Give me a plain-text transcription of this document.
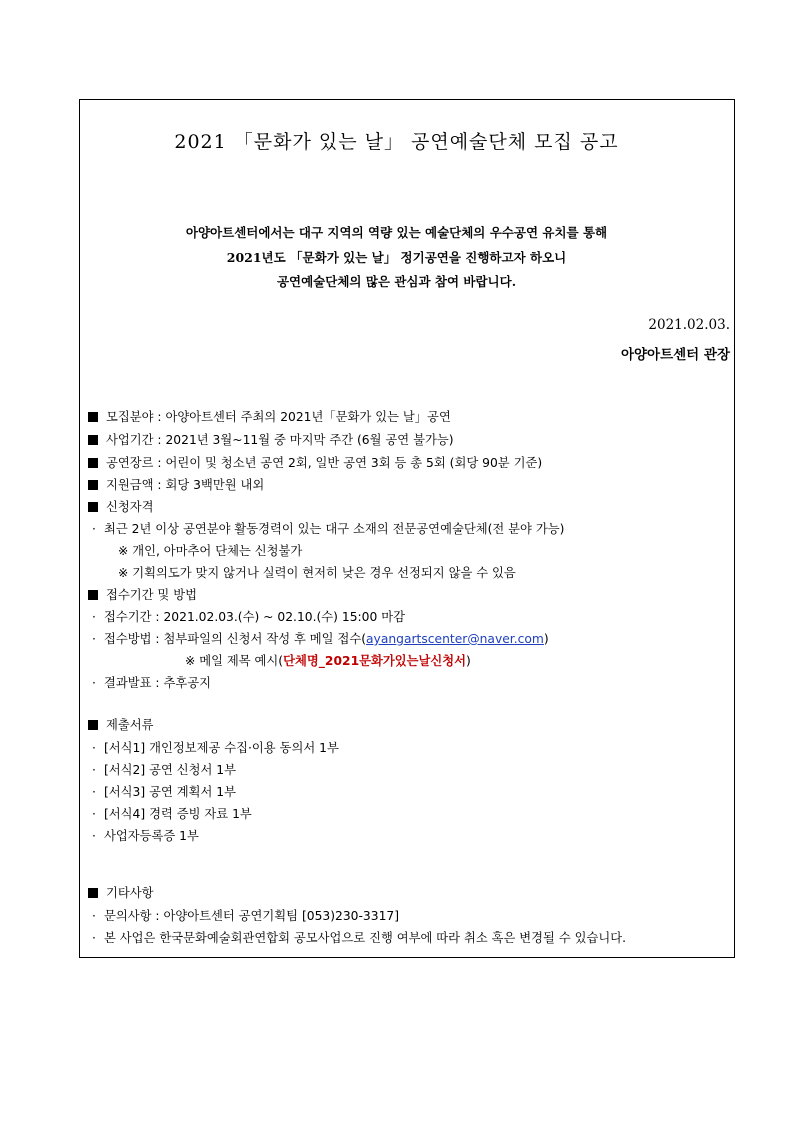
2021 「문화가 있는 날」 공연예술단체 모집 공고
아양아트센터에서는 대구 지역의 역량 있는 예술단체의 우수공연 유치를 통해
2021년도 「문화가 있는 날」 정기공연을 진행하고자 하오니
공연예술단체의 많은 관심과 참여 바랍니다.
2021.02.03.
아양아트센터 관장
모집분야 : 아양아트센터 주최의 2021년「문화가 있는 날」공연
사업기간 : 2021년 3월~11월 중 마지막 주간 (6월 공연 불가능)
공연장르 : 어린이 및 청소년 공연 2회, 일반 공연 3회 등 총 5회 (회당 90분 기준)
지원금액 : 회당 3백만원 내외
신청자격
· 최근 2년 이상 공연분야 활동경력이 있는 대구 소재의 전문공연예술단체(전 분야 가능)
※ 개인, 아마추어 단체는 신청불가
※ 기획의도가 맞지 않거나 실력이 현저히 낮은 경우 선정되지 않을 수 있음
접수기간 및 방법
· 접수기간 : 2021.02.03.(수) ~ 02.10.(수) 15:00 마감
· 접수방법 : 첨부파일의 신청서 작성 후 메일 접수(ayangartscenter@naver.com)
※ 메일 제목 예시(단체명_2021문화가있는날신청서)
· 결과발표 : 추후공지
제출서류
· [서식1] 개인정보제공 수집·이용 동의서 1부
· [서식2] 공연 신청서 1부
· [서식3] 공연 계획서 1부
· [서식4] 경력 증빙 자료 1부
· 사업자등록증 1부
기타사항
· 문의사항 : 아양아트센터 공연기획팀 [053)230-3317]
· 본 사업은 한국문화예술회관연합회 공모사업으로 진행 여부에 따라 취소 혹은 변경될 수 있습니다.
